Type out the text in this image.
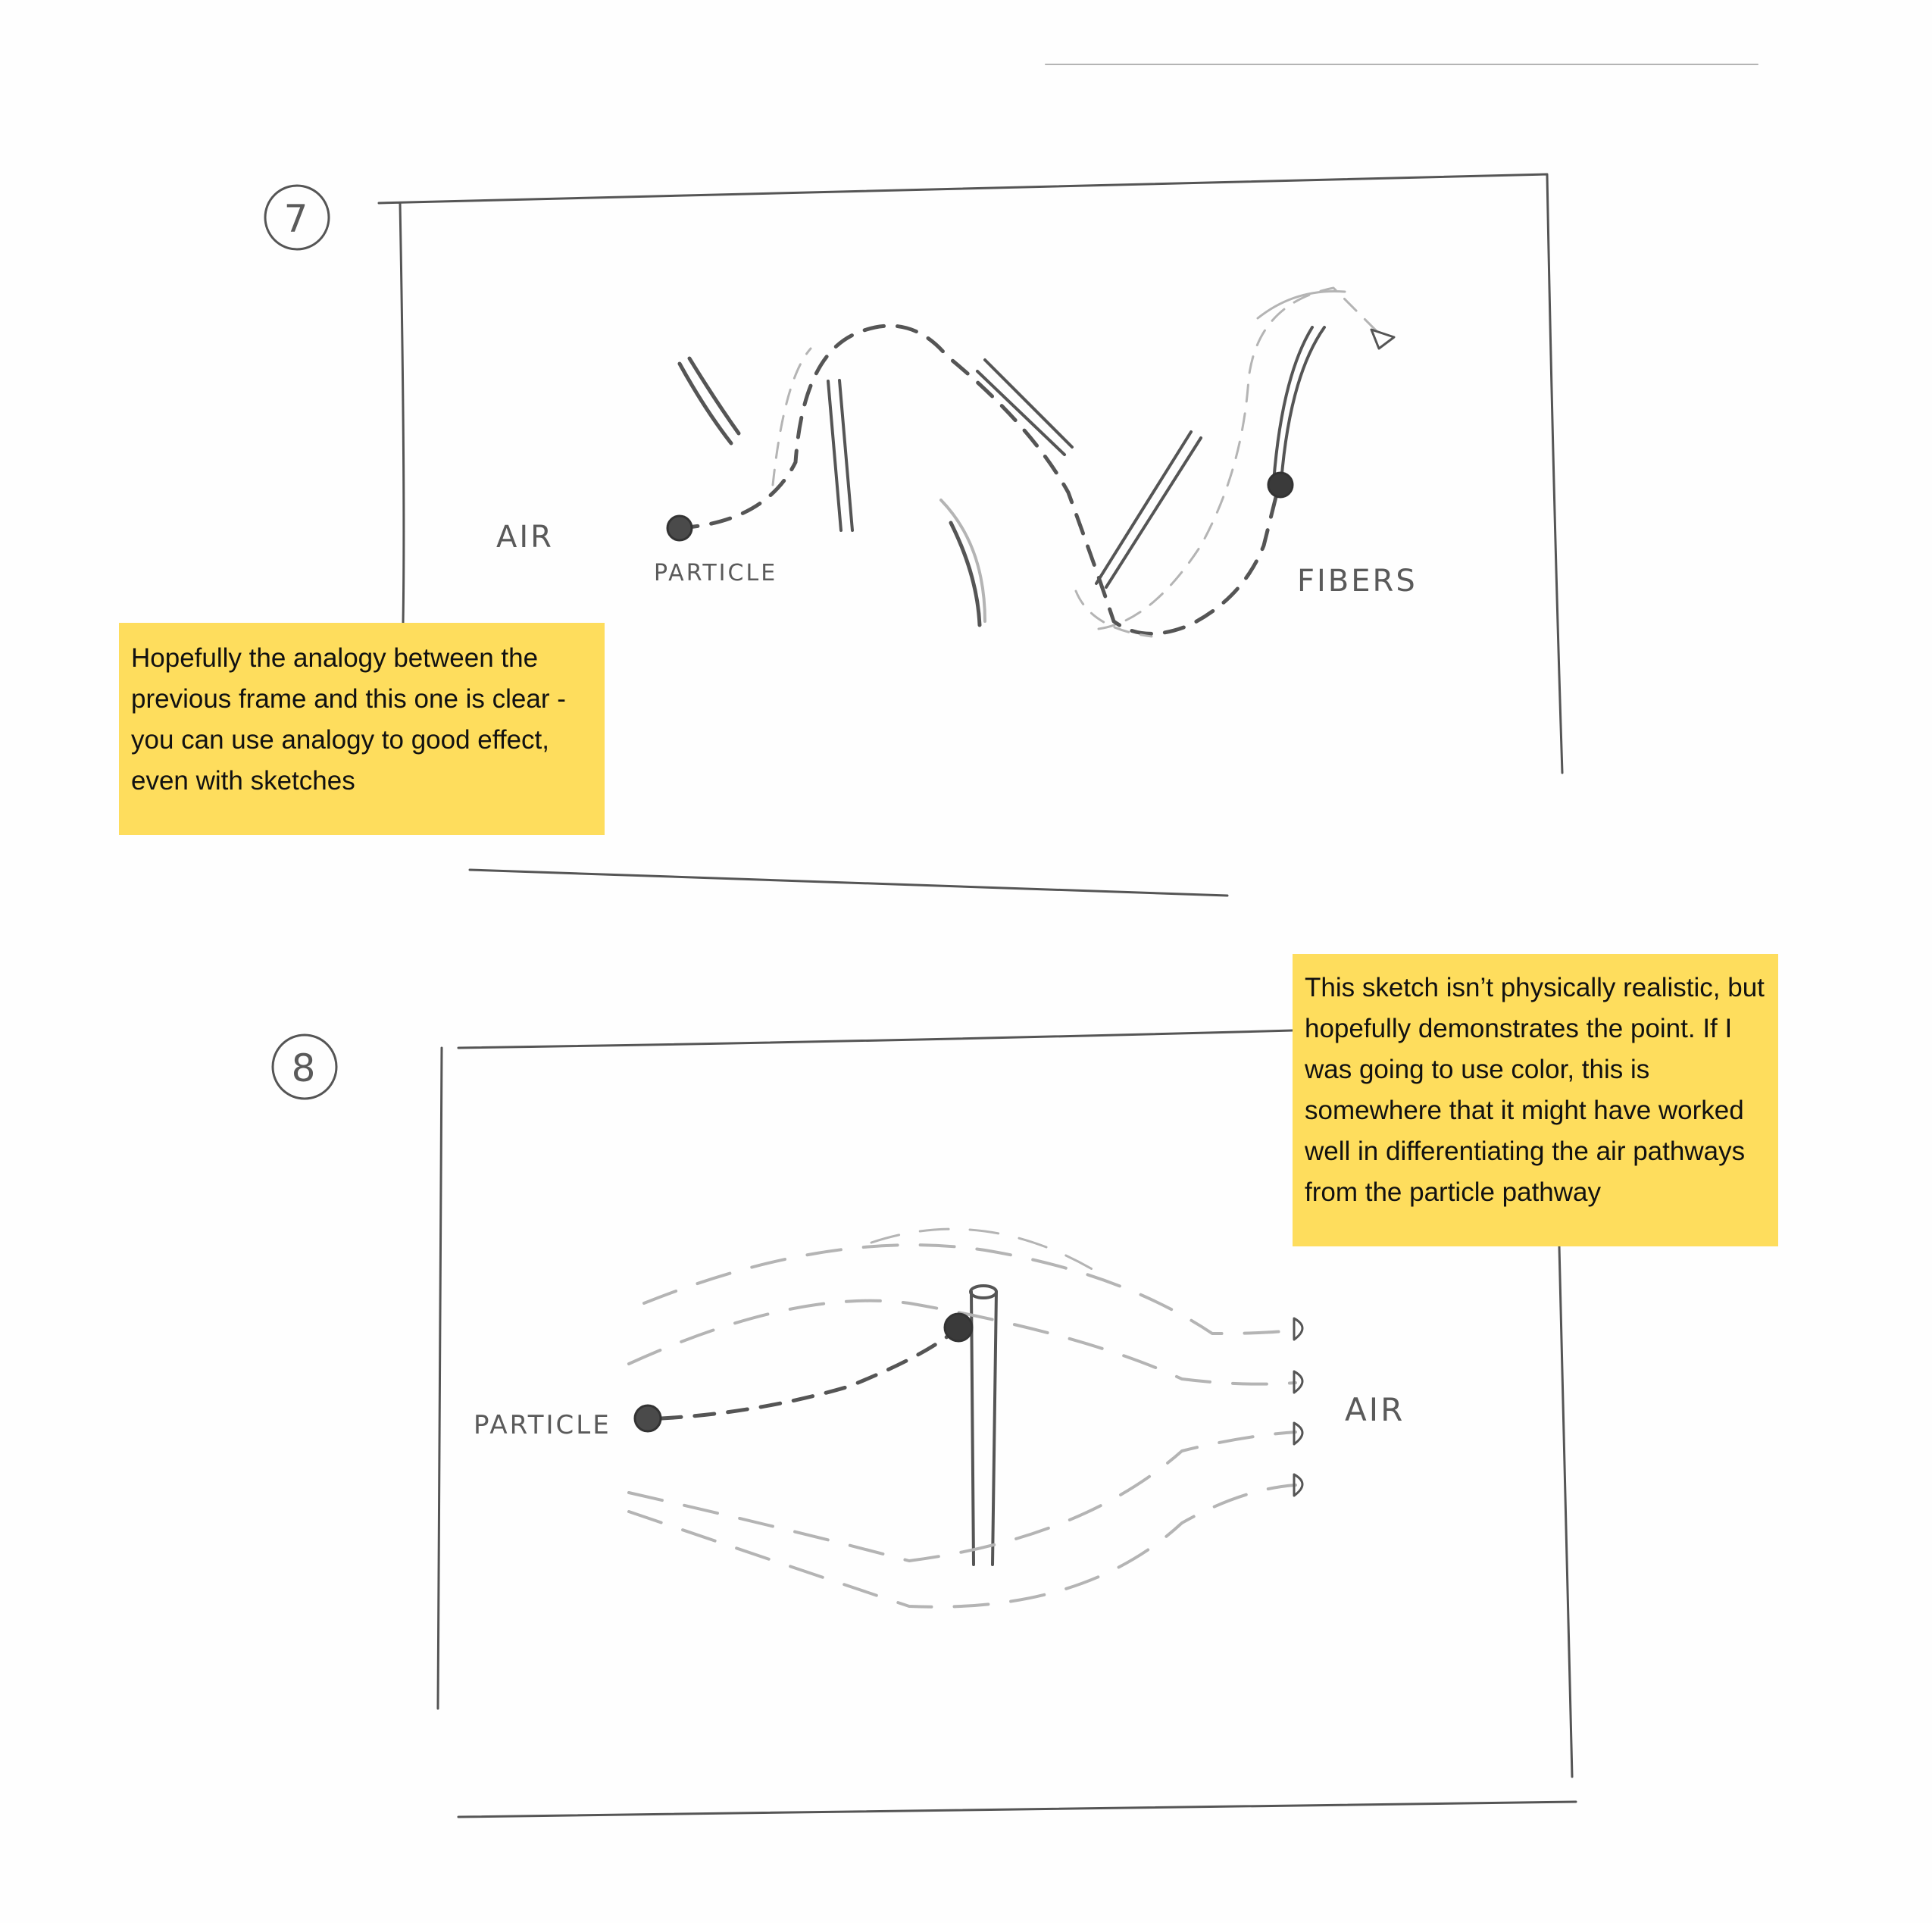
7
AIR
PARTICLE	FIBERS
8
PARTICLE	AIR
Hopefully the analogy between the previous frame and this one is clear - you can use analogy to good effect, even with sketches
This sketch isn’t physically realistic, but hopefully demonstrates the point. If I was going to use color, this is somewhere that it might have worked well in differentiating the air pathways from the particle pathway
